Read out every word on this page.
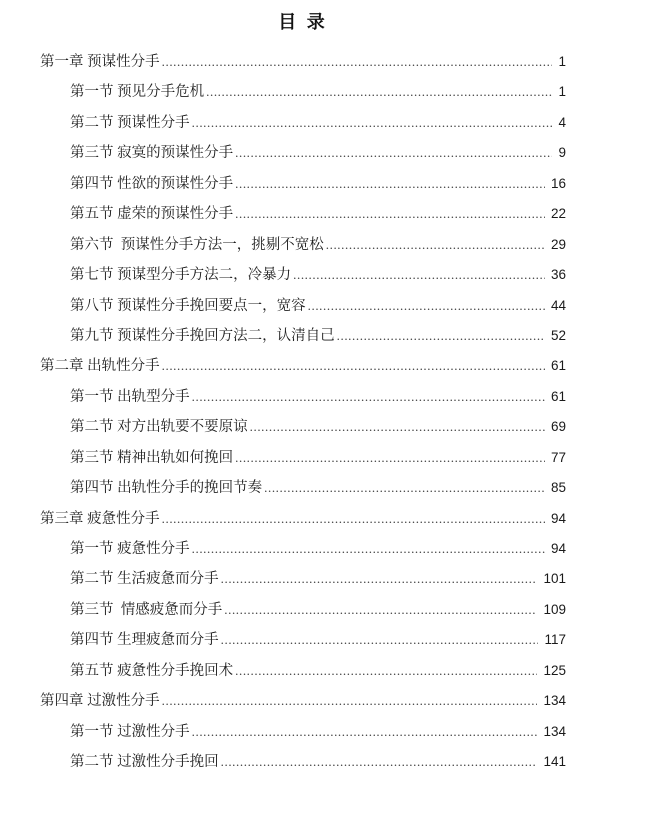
目 录
第一章 预谋性分手 .....	1
第一节 预见分手危机 .....	1
第二节 预谋性分手 .....	4
第三节 寂寞的预谋性分手 .....	9
第四节 性欲的预谋性分手 .....	16
第五节 虚荣的预谋性分手 .....	22
第六节  预谋性分手方法一，挑剔不宽松 .....	29
第七节 预谋型分手方法二，冷暴力 .....	36
第八节 预谋性分手挽回要点一，宽容 .....	44
第九节 预谋性分手挽回方法二，认清自己 .....	52
第二章 出轨性分手 .....	61
第一节 出轨型分手 .....	61
第二节 对方出轨要不要原谅 .....	69
第三节 精神出轨如何挽回 .....	77
第四节 出轨性分手的挽回节奏 .....	85
第三章 疲惫性分手 .....	94
第一节 疲惫性分手 .....	94
第二节 生活疲惫而分手 .....	101
第三节  情感疲惫而分手 .....	109
第四节 生理疲惫而分手 .....	117
第五节 疲惫性分手挽回术 .....	125
第四章 过激性分手 .....	134
第一节 过激性分手 .....	134
第二节 过激性分手挽回 .....	141
